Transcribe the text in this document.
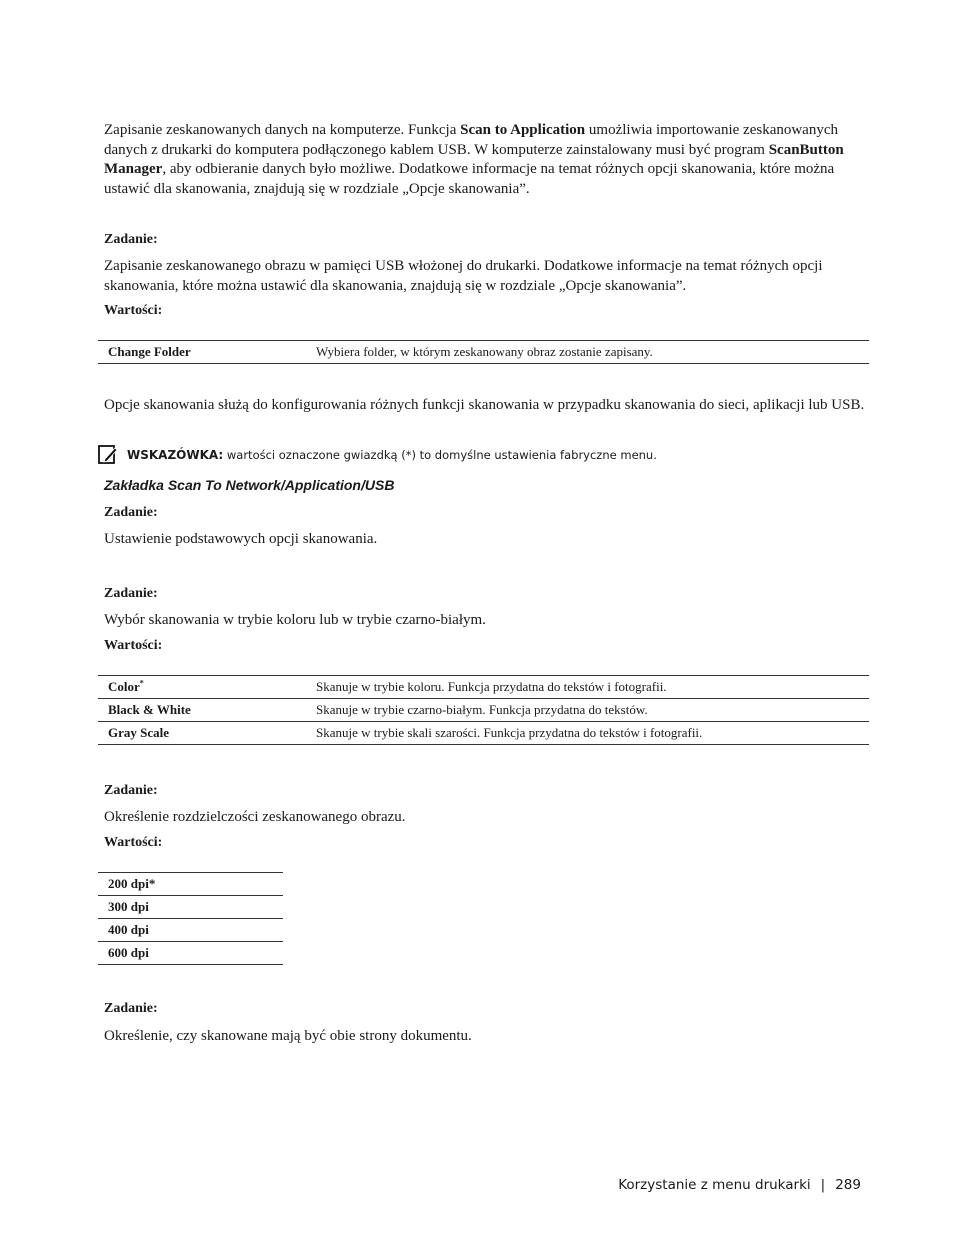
Zapisanie zeskanowanych danych na komputerze. Funkcja Scan to Application umożliwia importowanie zeskanowanych danych z drukarki do komputera podłączonego kablem USB. W komputerze zainstalowany musi być program ScanButton Manager, aby odbieranie danych było możliwe. Dodatkowe informacje na temat różnych opcji skanowania, które można ustawić dla skanowania, znajdują się w rozdziale „Opcje skanowania”.

Zadanie:

Zapisanie zeskanowanego obrazu w pamięci USB włożonej do drukarki. Dodatkowe informacje na temat różnych opcji skanowania, które można ustawić dla skanowania, znajdują się w rozdziale „Opcje skanowania”.

Wartości:

Change Folder	Wybiera folder, w którym zeskanowany obraz zostanie zapisany.

Opcje skanowania służą do konfigurowania różnych funkcji skanowania w przypadku skanowania do sieci, aplikacji lub USB.

WSKAZÓWKA: wartości oznaczone gwiazdką (*) to domyślne ustawienia fabryczne menu.
Zakładka Scan To Network/Application/USB

Zadanie:

Ustawienie podstawowych opcji skanowania.

Zadanie:

Wybór skanowania w trybie koloru lub w trybie czarno-białym.

Wartości:

Color*	Skanuje w trybie koloru. Funkcja przydatna do tekstów i fotografii.
Black & White	Skanuje w trybie czarno-białym. Funkcja przydatna do tekstów.
Gray Scale	Skanuje w trybie skali szarości. Funkcja przydatna do tekstów i fotografii.

Zadanie:

Określenie rozdzielczości zeskanowanego obrazu.

Wartości:

200 dpi*
300 dpi
400 dpi
600 dpi

Zadanie:

Określenie, czy skanowane mają być obie strony dokumentu.

Korzystanie z menu drukarki | 289
